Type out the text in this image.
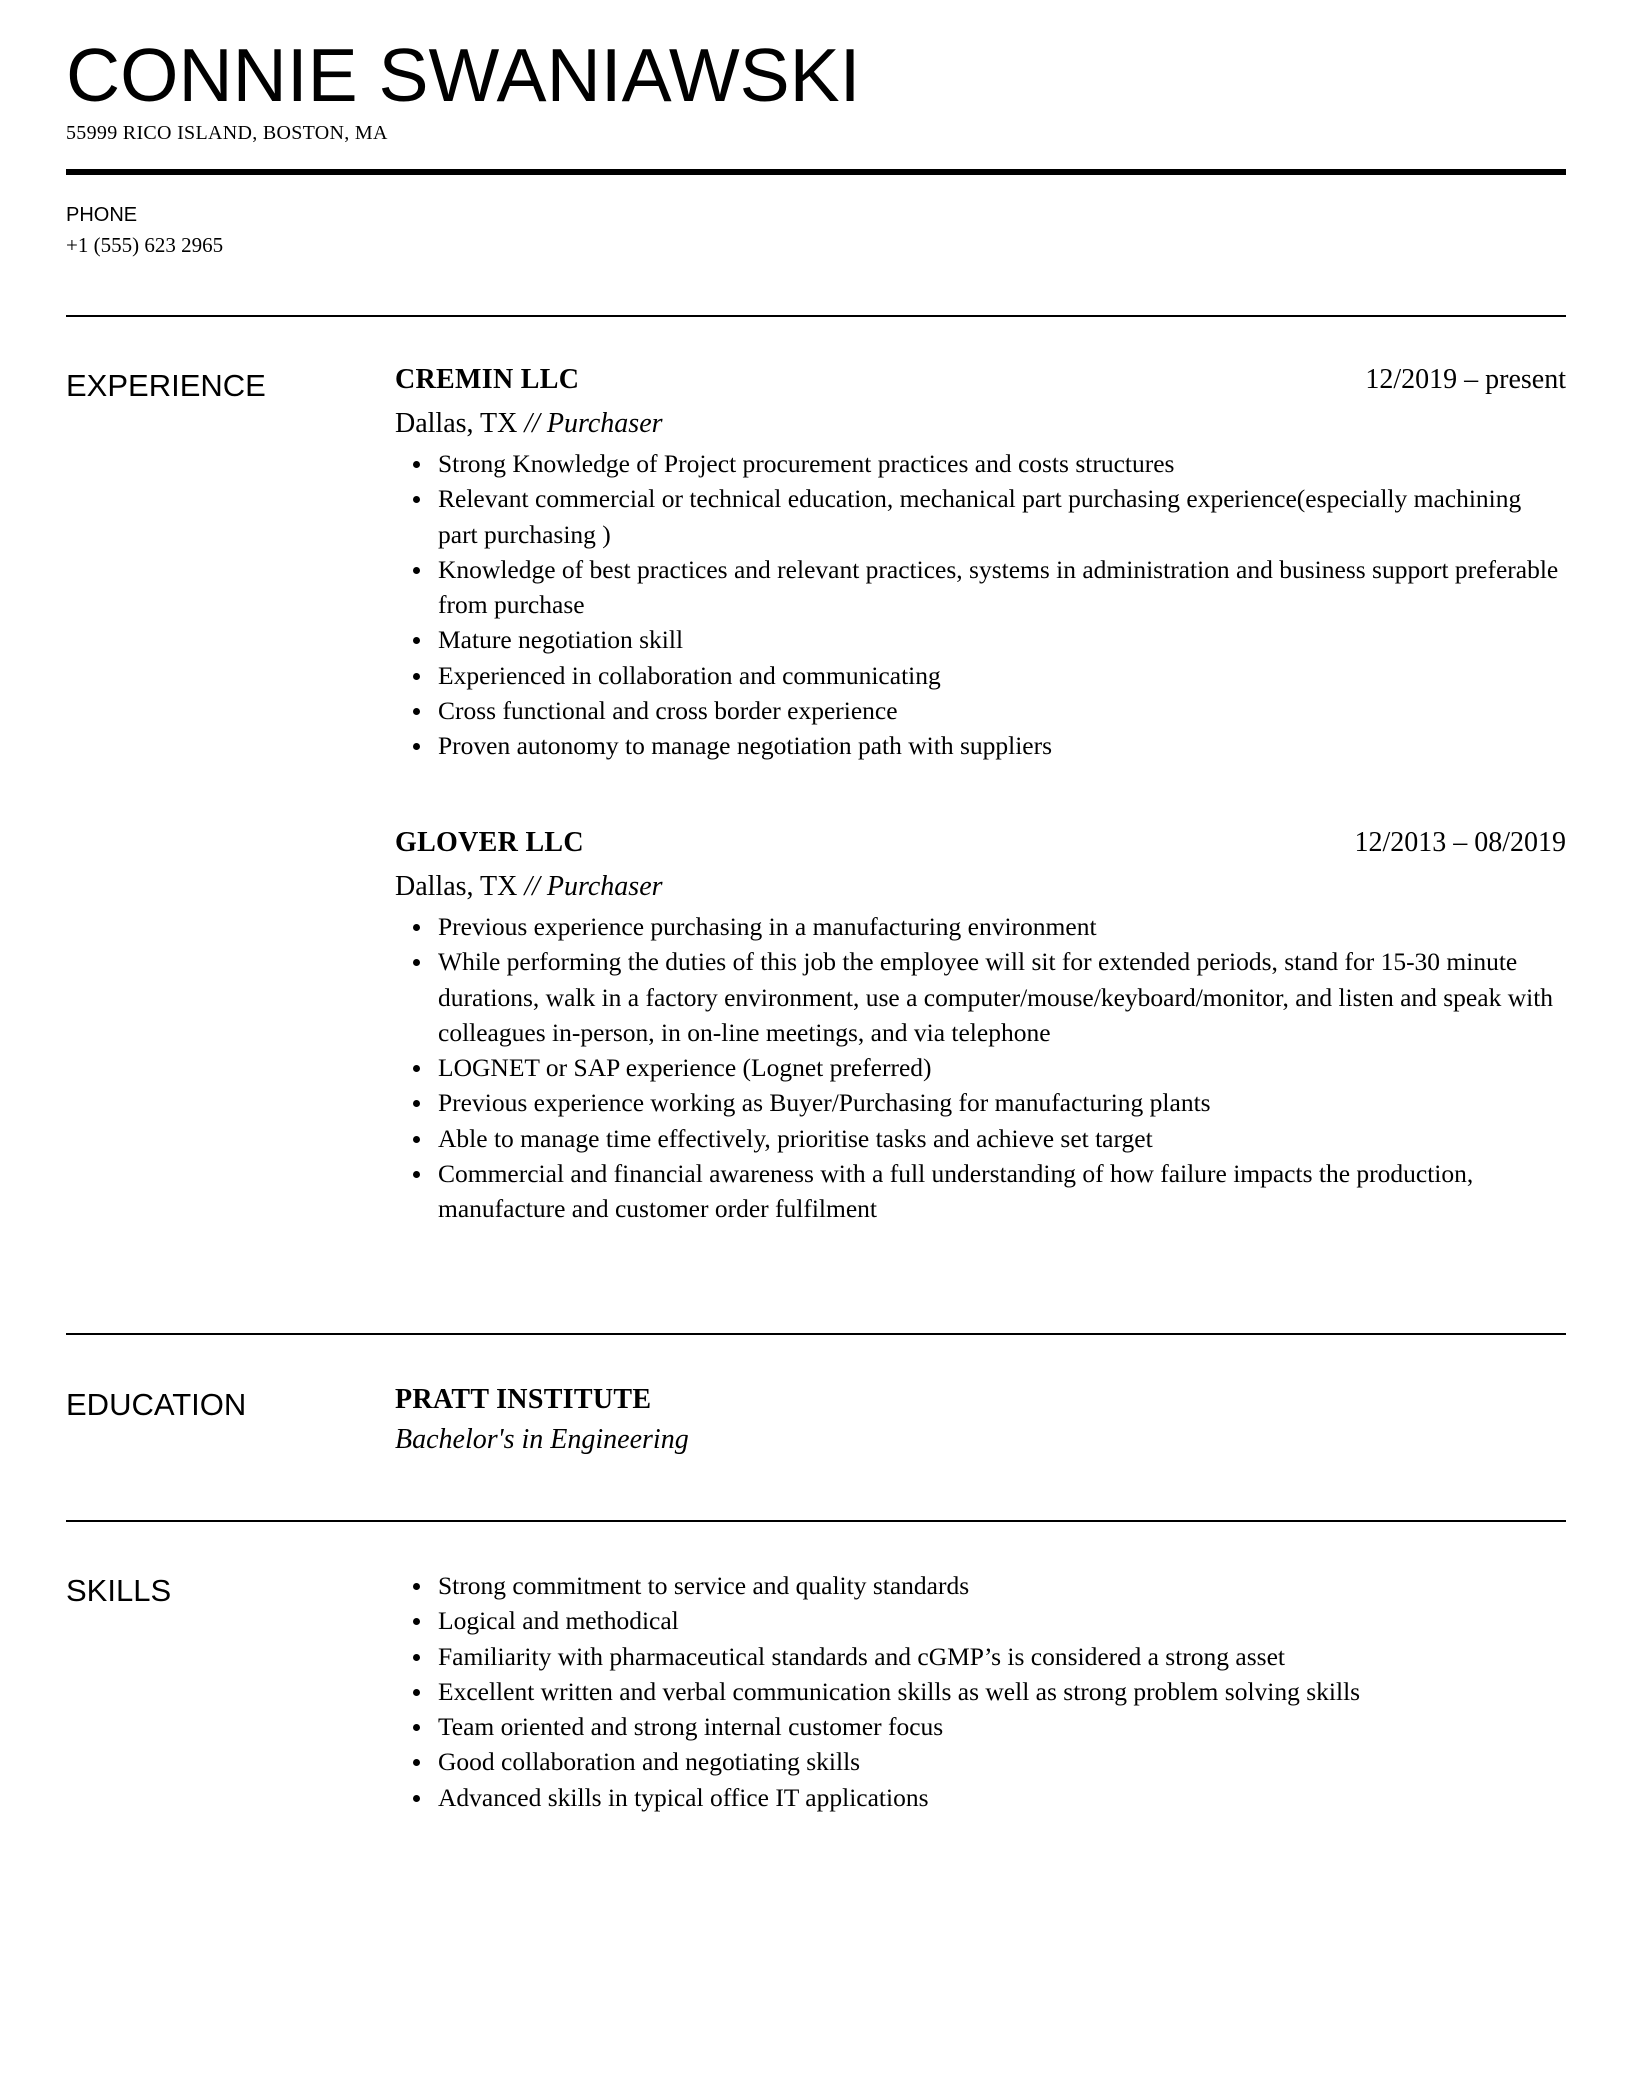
CONNIE SWANIAWSKI
55999 RICO ISLAND, BOSTON, MA
PHONE
+1 (555) 623 2965
EXPERIENCE	CREMIN LLC	12/2019 – present
Dallas, TX // Purchaser
Strong Knowledge of Project procurement practices and costs structures
Relevant commercial or technical education, mechanical part purchasing experience(especially machining part purchasing )
Knowledge of best practices and relevant practices, systems in administration and business support preferable from purchase
Mature negotiation skill
Experienced in collaboration and communicating
Cross functional and cross border experience
Proven autonomy to manage negotiation path with suppliers
GLOVER LLC	12/2013 – 08/2019
Dallas, TX // Purchaser
Previous experience purchasing in a manufacturing environment
While performing the duties of this job the employee will sit for extended periods, stand for 15-30 minute durations, walk in a factory environment, use a computer/mouse/keyboard/monitor, and listen and speak with colleagues in-person, in on-line meetings, and via telephone
LOGNET or SAP experience (Lognet preferred)
Previous experience working as Buyer/Purchasing for manufacturing plants
Able to manage time effectively, prioritise tasks and achieve set target
Commercial and financial awareness with a full understanding of how failure impacts the production, manufacture and customer order fulfilment
EDUCATION	PRATT INSTITUTE
Bachelor's in Engineering
SKILLS	Strong commitment to service and quality standards
Logical and methodical
Familiarity with pharmaceutical standards and cGMP’s is considered a strong asset
Excellent written and verbal communication skills as well as strong problem solving skills
Team oriented and strong internal customer focus
Good collaboration and negotiating skills
Advanced skills in typical office IT applications
